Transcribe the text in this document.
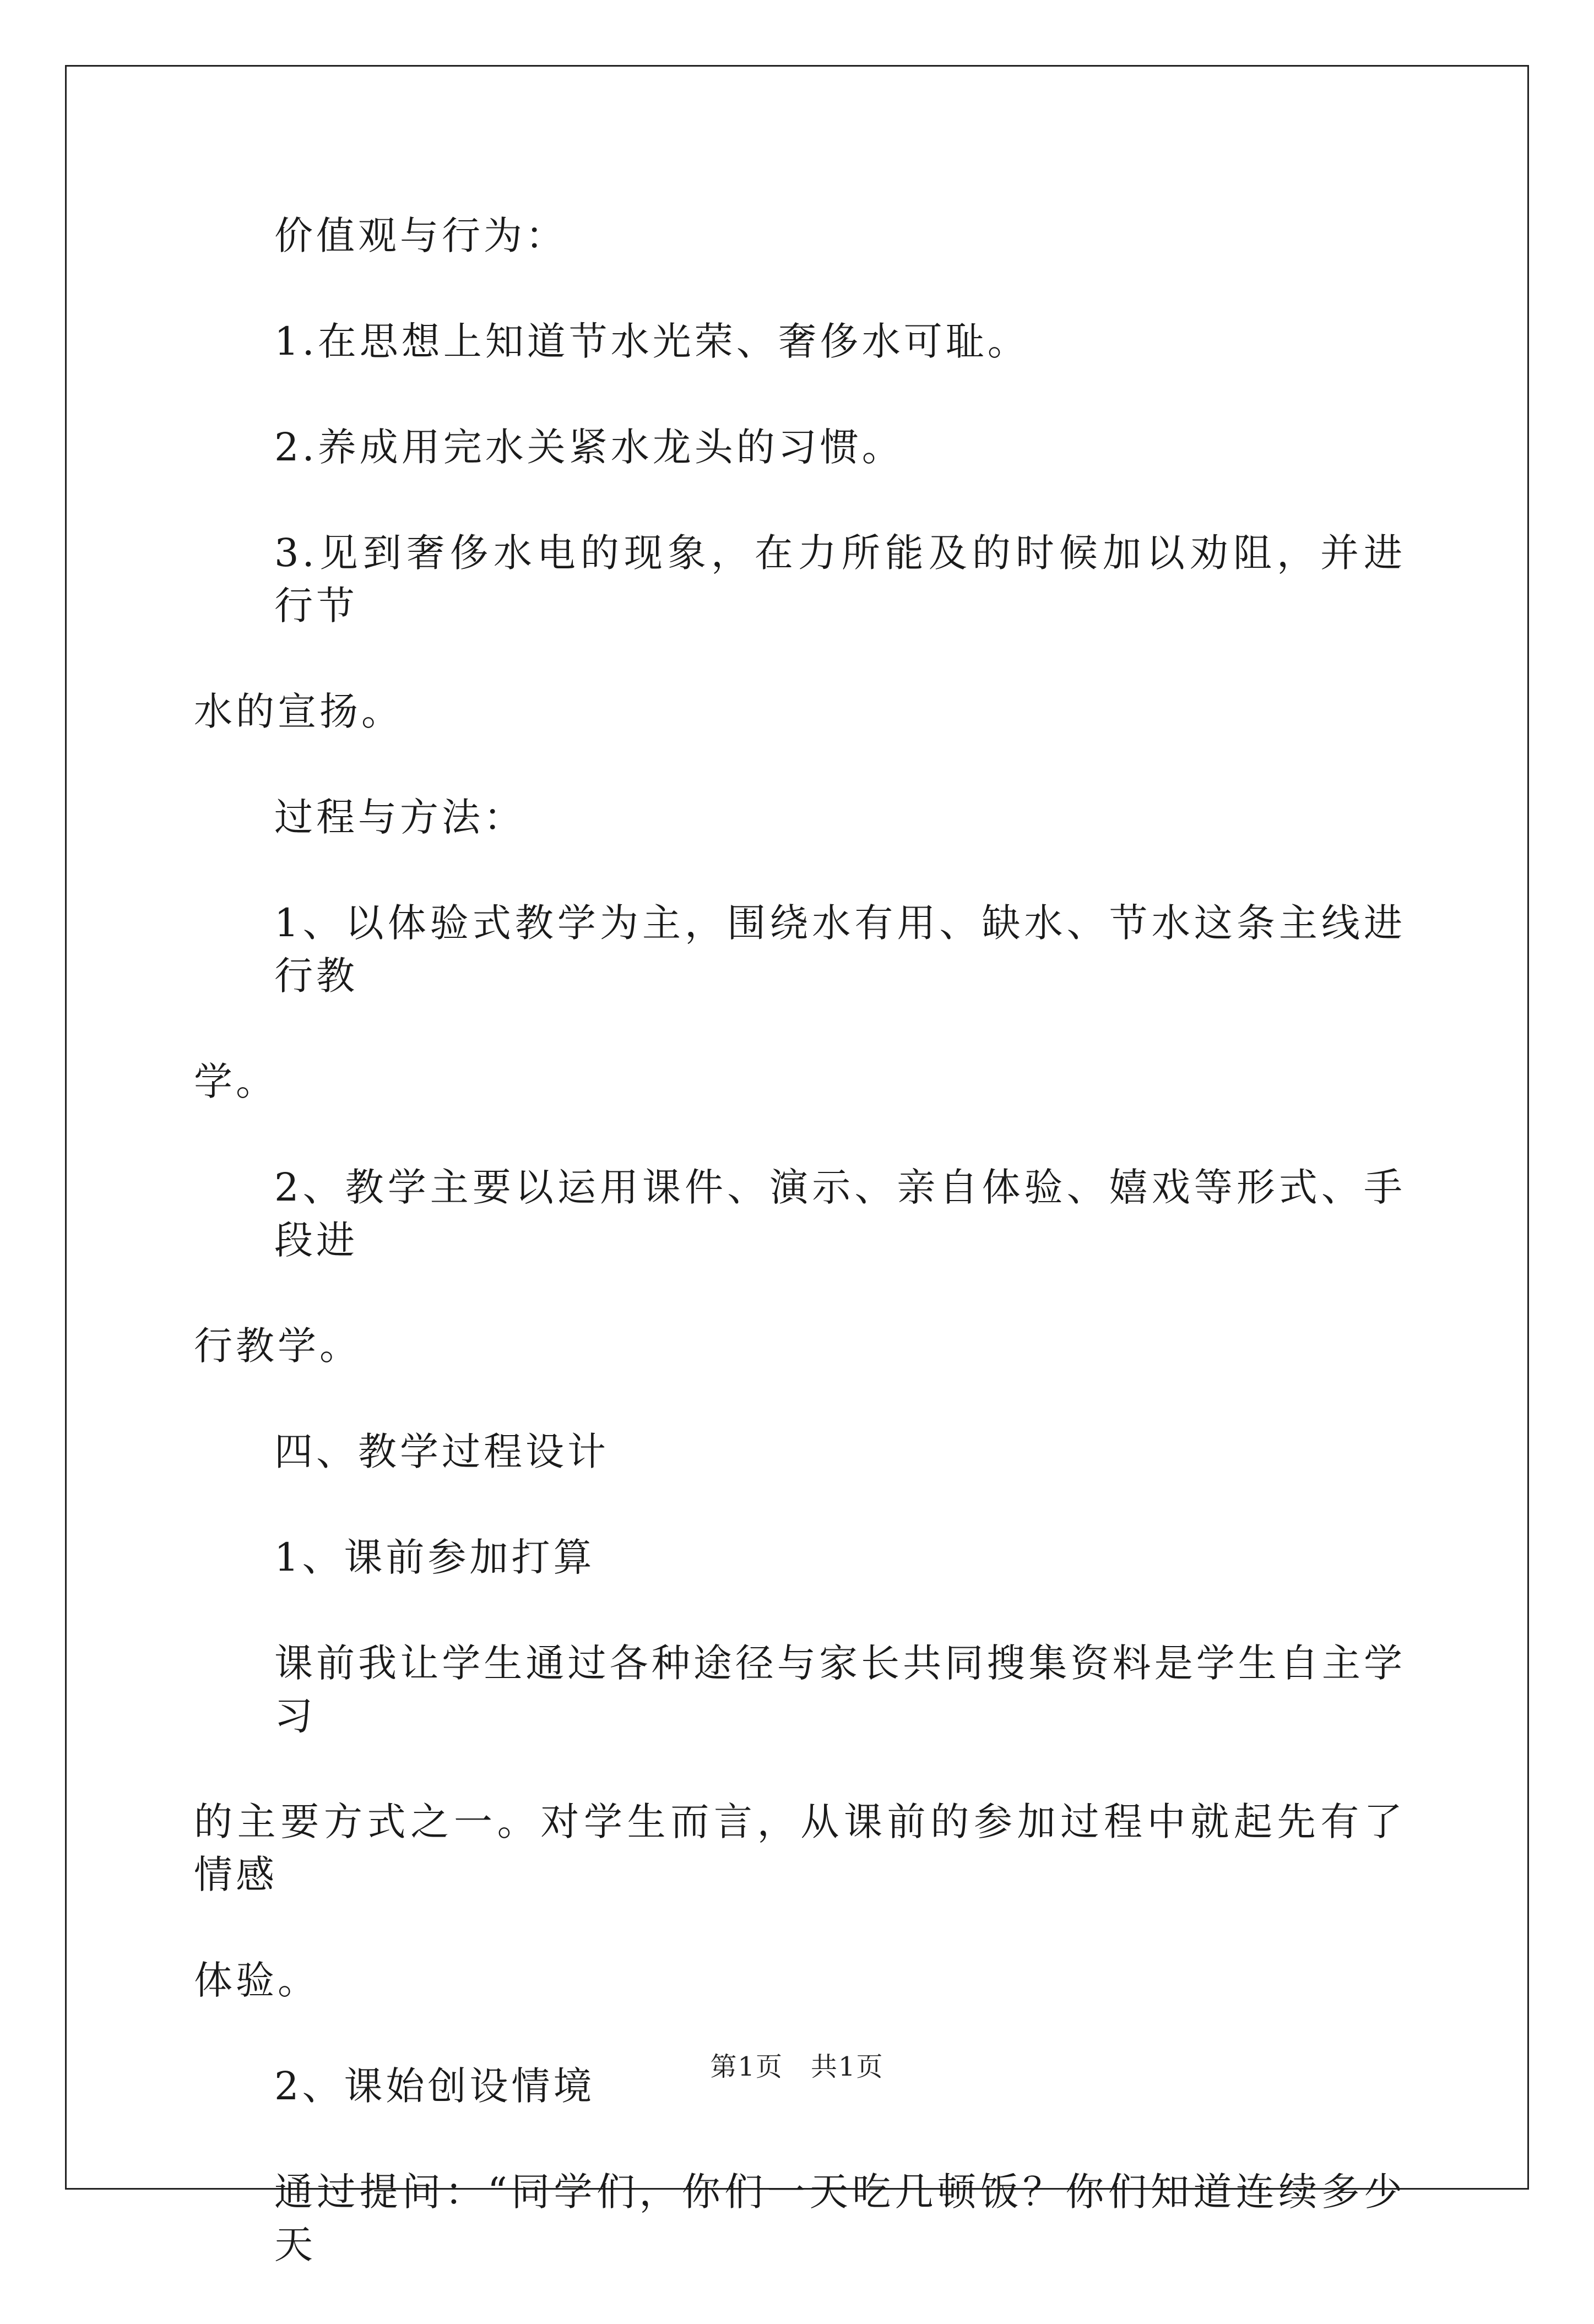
价值观与行为：

1.在思想上知道节水光荣、奢侈水可耻。

2.养成用完水关紧水龙头的习惯。

3.见到奢侈水电的现象，在力所能及的时候加以劝阻，并进行节
水的宣扬。

过程与方法：

1、以体验式教学为主，围绕水有用、缺水、节水这条主线进行教
学。

2、教学主要以运用课件、演示、亲自体验、嬉戏等形式、手段进
行教学。

四、教学过程设计

1、课前参加打算

课前我让学生通过各种途径与家长共同搜集资料是学生自主学习
的主要方式之一。对学生而言，从课前的参加过程中就起先有了情感
体验。

2、课始创设情境

通过提问：“同学们，你们一天吃几顿饭？你们知道连续多少天

第1页　共1页
